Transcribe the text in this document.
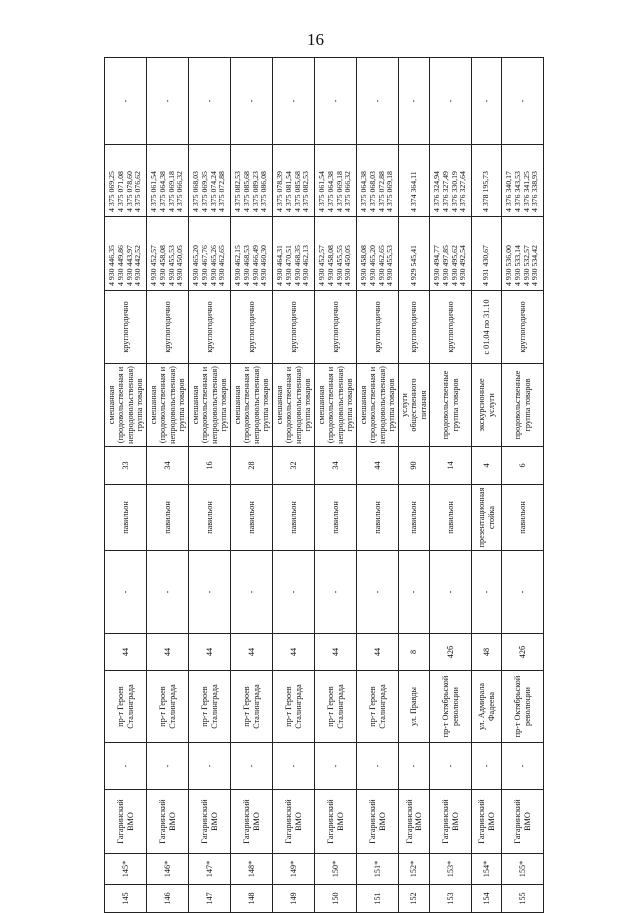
16
145	145*	Гагаринский ВМО	-	пр-т Героев Сталинграда	44	-	павильон	33	смешанная (продовольственная и непродовольственная) группа товаров	круглогодично	4 930 446,35 4 930 449,86 4 930 443,97 4 930 442,52	4 375 069,25 4 375 071,08 4 375 078,60 4 375 076,62	-
146	146*	Гагаринский ВМО	-	пр-т Героев Сталинграда	44	-	павильон	34	смешанная (продовольственная и непродовольственная) группа товаров	круглогодично	4 930 452,57 4 930 458,08 4 930 455,53 4 930 450,05	4 375 061,54 4 375 064,38 4 375 069,18 4 375 066,32	-
147	147*	Гагаринский ВМО	-	пр-т Героев Сталинграда	44	-	павильон	16	смешанная (продовольственная и непродовольственная) группа товаров	круглогодично	4 930 465,20 4 930 467,76 4 930 465,26 4 930 462,65	4 375 068,03 4 375 069,35 4 375 074,24 4 375 072,88	-
148	148*	Гагаринский ВМО	-	пр-т Героев Сталинграда	44	-	павильон	28	смешанная (продовольственная и непродовольственная) группа товаров	круглогодично	4 930 462,15 4 930 468,53 4 930 466,49 4 930 460,30	4 375 082,53 4 375 085,68 4 375 089,23 4 375 086,08	-
149	149*	Гагаринский ВМО	-	пр-т Героев Сталинграда	44	-	павильон	32	смешанная (продовольственная и непродовольственная) группа товаров	круглогодично	4 930 464,31 4 930 470,51 4 930 468,35 4 930 462,13	4 375 078,39 4 375 081,54 4 375 085,68 4 375 082,53	-
150	150*	Гагаринский ВМО	-	пр-т Героев Сталинграда	44	-	павильон	34	смешанная (продовольственная и непродовольственная) группа товаров	круглогодично	4 930 452,57 4 930 458,08 4 930 455,55 4 930 450,05	4 375 061,54 4 375 064,38 4 375 069,18 4 375 066,32	-
151	151*	Гагаринский ВМО	-	пр-т Героев Сталинграда	44	-	павильон	44	смешанная (продовольственная и непродовольственная) группа товаров	круглогодично	4 930 458,08 4 930 465,20 4 930 462,65 4 930 455,53	4 375 064,38 4 375 068,03 4 375 072,88 4 375 069,18	-
152	152*	Гагаринский ВМО	-	ул. Правды	8	-	павильон	90	услуги общественного питания	круглогодично	4 929 545,41	4 374 364,11	-
153	153*	Гагаринский ВМО	-	пр-т Октябрьской революции	42б	-	павильон	14	продовольственные группа товаров	круглогодично	4 930 494,77 4 930 497,85 4 930 495,62 4 930 492,54	4 376 324,94 4 376 327,49 4 376 330,19 4 376 327,64	-
154	154*	Гагаринский ВМО	-	ул. Адмирала Фадеева	48	-	презентационная стойка	4	экскурсионные услуги	с 01.04 по 31.10	4 931 430,67	4 378 195,73	-
155	155*	Гагаринский ВМО	-	пр-т Октябрьской революции	42б	-	павильон	6	продовольственные группа товаров	круглогодично	4 930 536,00 4 930 533,14 4 930 532,57 4 930 534,42	4 376 340,17 4 376 343,53 4 376 341,25 4 376 338,93	-
